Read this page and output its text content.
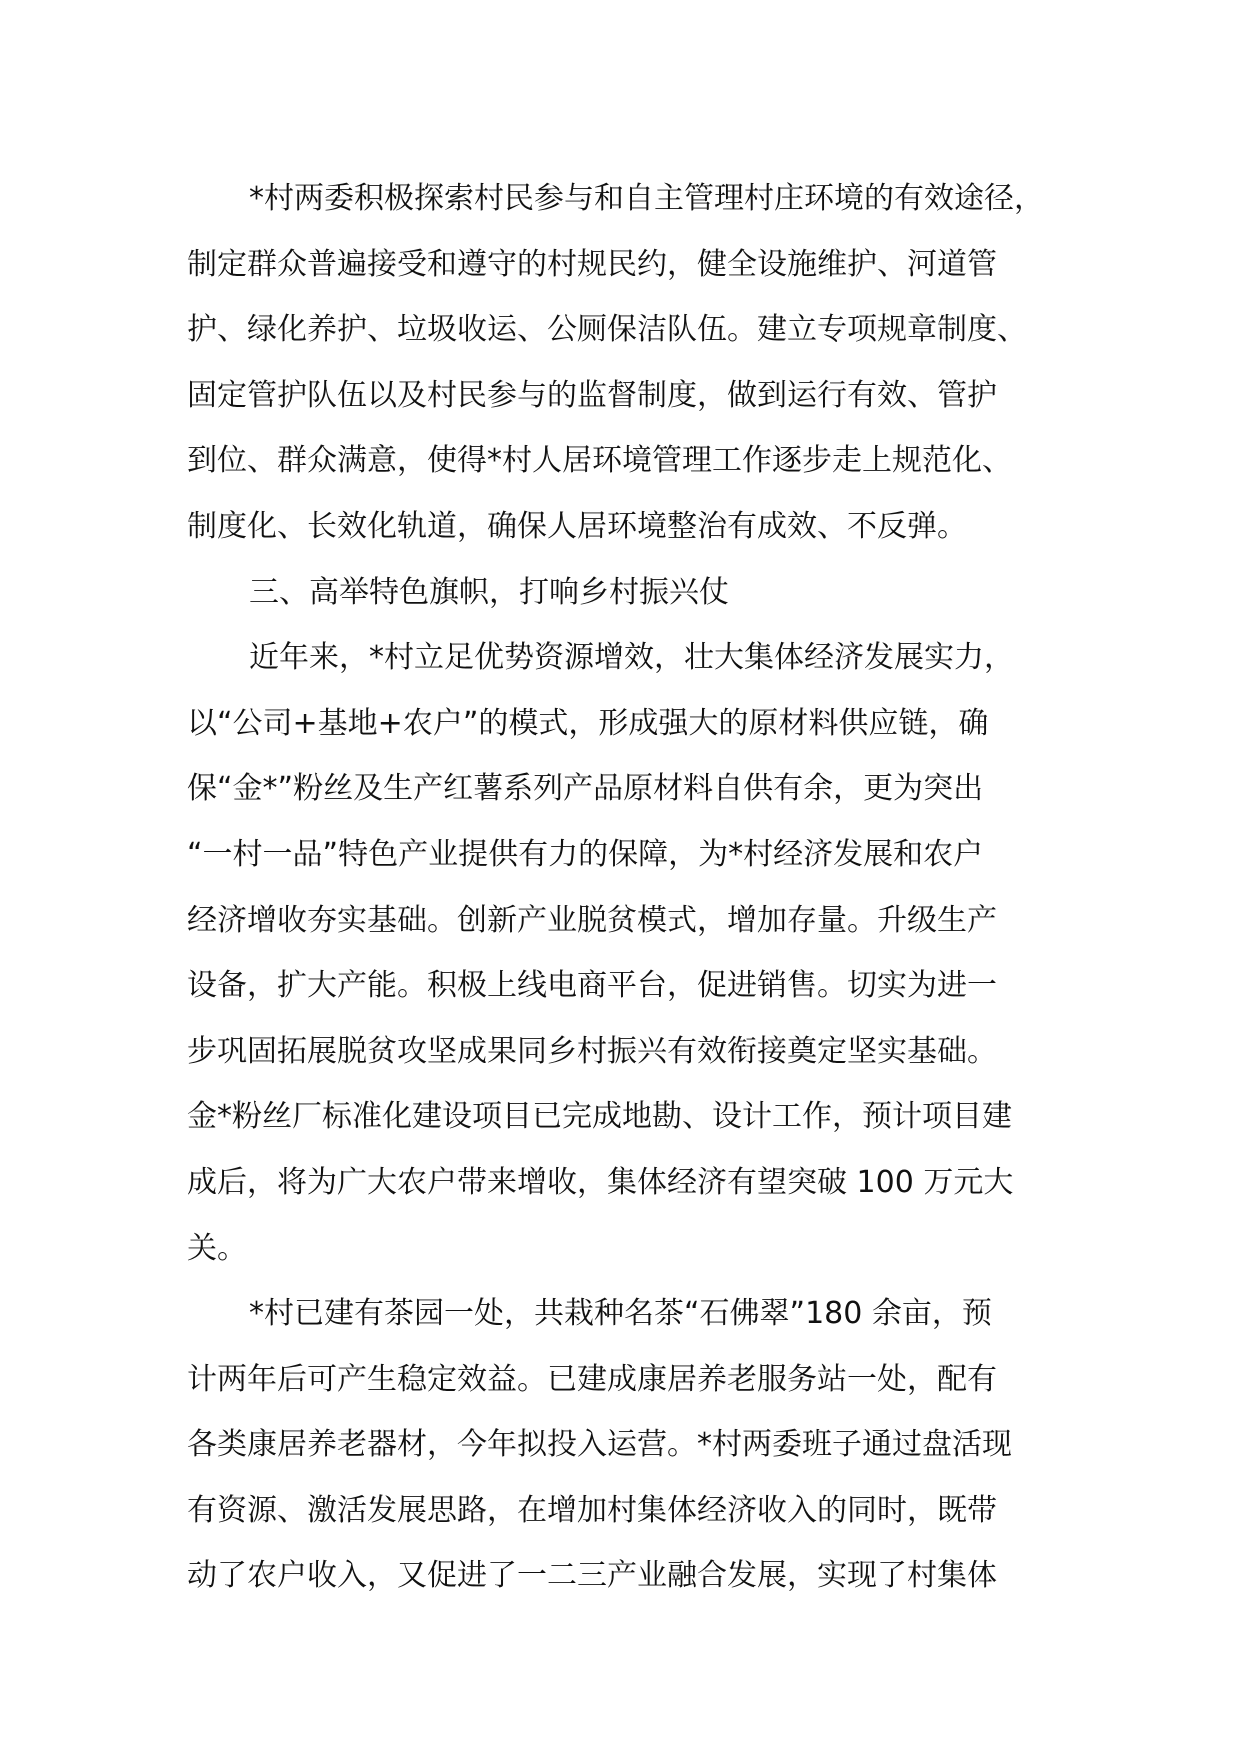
*村两委积极探索村民参与和自主管理村庄环境的有效途径，
制定群众普遍接受和遵守的村规民约，健全设施维护、河道管
护、绿化养护、垃圾收运、公厕保洁队伍。建立专项规章制度、
固定管护队伍以及村民参与的监督制度，做到运行有效、管护
到位、群众满意，使得*村人居环境管理工作逐步走上规范化、
制度化、长效化轨道，确保人居环境整治有成效、不反弹。
三、高举特色旗帜，打响乡村振兴仗
近年来，*村立足优势资源增效，壮大集体经济发展实力，
以“公司+基地+农户”的模式，形成强大的原材料供应链，确
保“金*”粉丝及生产红薯系列产品原材料自供有余，更为突出
“一村一品”特色产业提供有力的保障，为*村经济发展和农户
经济增收夯实基础。创新产业脱贫模式，增加存量。升级生产
设备，扩大产能。积极上线电商平台，促进销售。切实为进一
步巩固拓展脱贫攻坚成果同乡村振兴有效衔接奠定坚实基础。
金*粉丝厂标准化建设项目已完成地勘、设计工作，预计项目建
成后，将为广大农户带来增收，集体经济有望突破 100 万元大
关。
*村已建有茶园一处，共栽种名茶“石佛翠”180 余亩，预
计两年后可产生稳定效益。已建成康居养老服务站一处，配有
各类康居养老器材，今年拟投入运营。*村两委班子通过盘活现
有资源、激活发展思路，在增加村集体经济收入的同时，既带
动了农户收入，又促进了一二三产业融合发展，实现了村集体
